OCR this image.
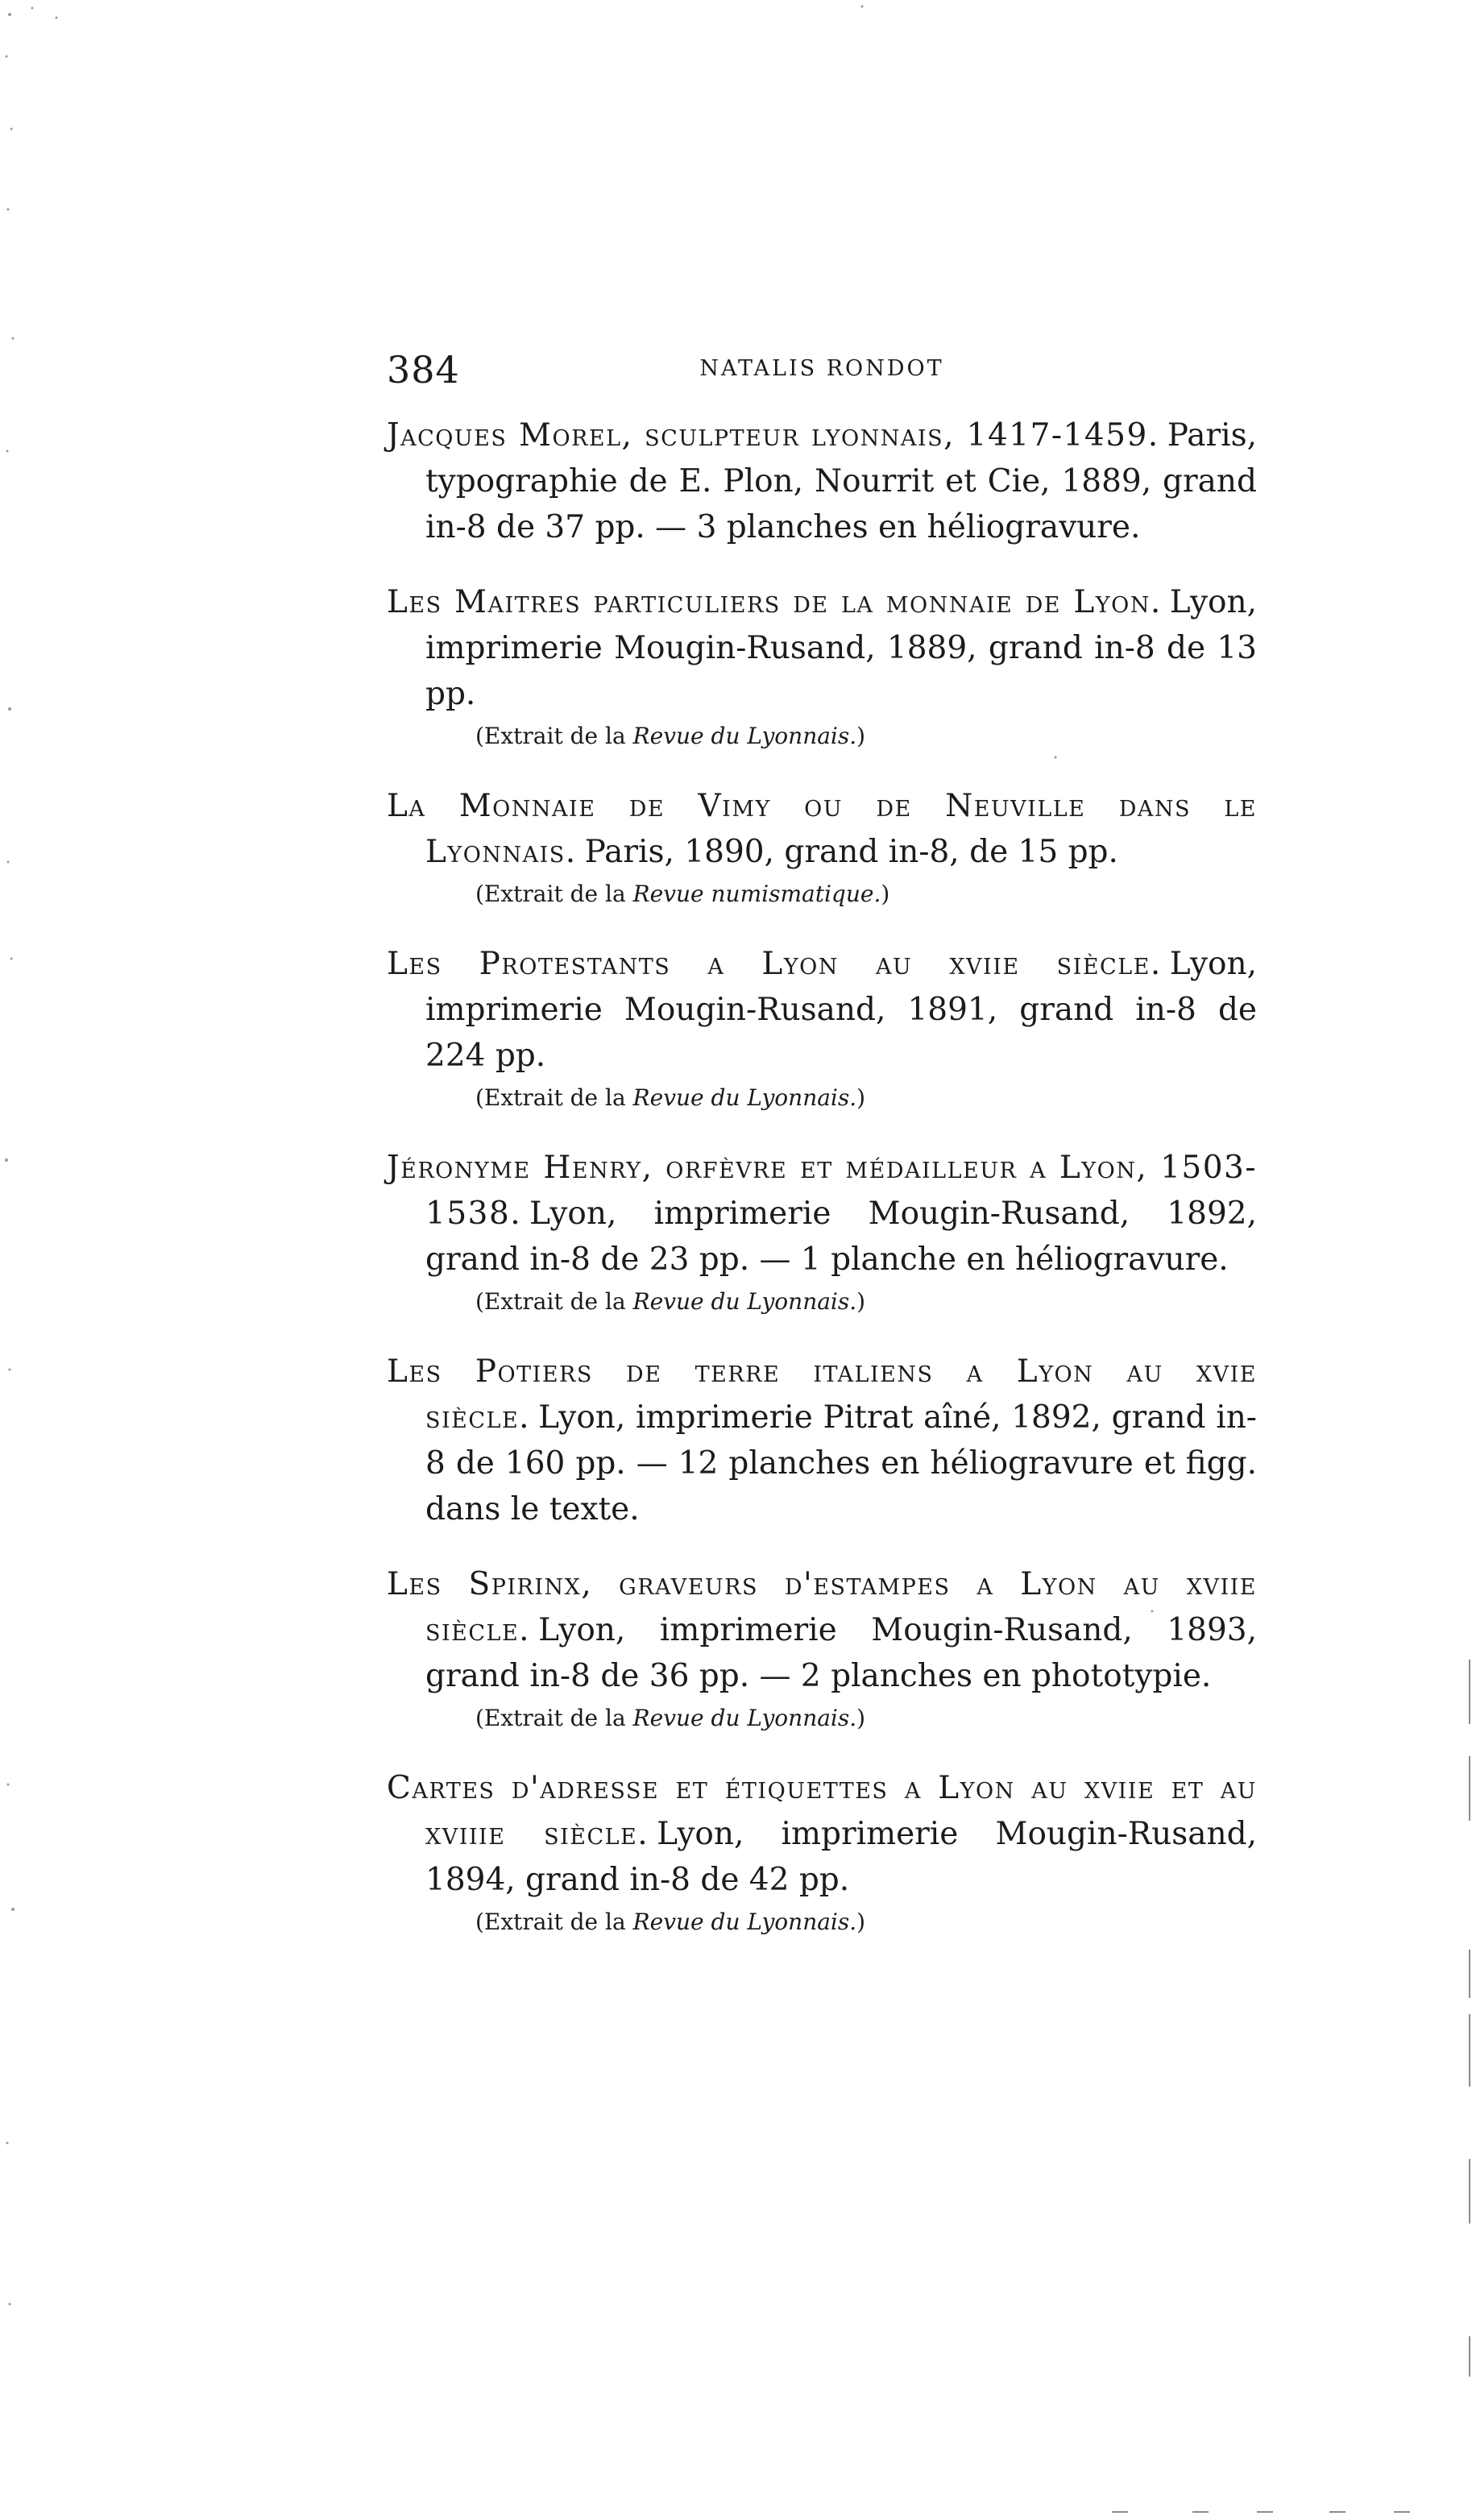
384	NATALIS RONDOT
Jacques Morel, sculpteur lyonnais, 1417-1459. Paris, typographie de E. Plon, Nourrit et Cie, 1889, grand in-8 de 37 pp. — 3 planches en héliogravure.
Les Maitres particuliers de la monnaie de Lyon. Lyon, imprimerie Mougin-Rusand, 1889, grand in-8 de 13 pp.
(Extrait de la Revue du Lyonnais.)
La Monnaie de Vimy ou de Neuville dans le Lyonnais. Paris, 1890, grand in-8, de 15 pp.
(Extrait de la Revue numismatique.)
Les Protestants a Lyon au xviie siècle. Lyon, imprimerie Mougin-Rusand, 1891, grand in-8 de 224 pp.
(Extrait de la Revue du Lyonnais.)
Jéronyme Henry, orfèvre et médailleur a Lyon, 1503-1538. Lyon, imprimerie Mougin-Rusand, 1892, grand in-8 de 23 pp. — 1 planche en héliogravure.
(Extrait de la Revue du Lyonnais.)
Les Potiers de terre italiens a Lyon au xvie siècle. Lyon, imprimerie Pitrat aîné, 1892, grand in-8 de 160 pp. — 12 planches en héliogravure et figg. dans le texte.
Les Spirinx, graveurs d'estampes a Lyon au xviie siècle. Lyon, imprimerie Mougin-Rusand, 1893, grand in-8 de 36 pp. — 2 planches en phototypie.
(Extrait de la Revue du Lyonnais.)
Cartes d'adresse et étiquettes a Lyon au xviie et au xviiie siècle. Lyon, imprimerie Mougin-Rusand, 1894, grand in-8 de 42 pp.
(Extrait de la Revue du Lyonnais.)
